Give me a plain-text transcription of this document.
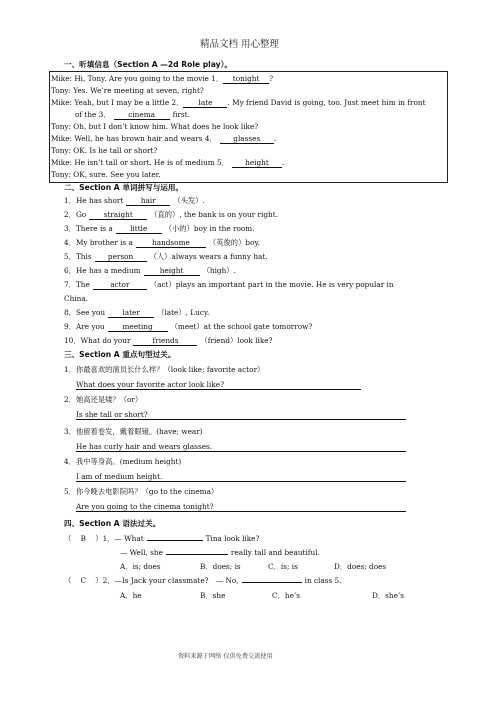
精品文档 用心整理
一、听填信息（Section A —2d Role play）。
Mike: Hi, Tony. Are you going to the movie 1． tonight ?
Tony: Yes. We’re meeting at seven, right?
Mike: Yeah, but I may be a little 2． late . My friend David is going, too. Just meet him in front
of the 3． cinema first.
Tony: Oh, but I don’t know him. What does he look like?
Mike: Well, he has brown hair and wears 4． glasses .
Tony: OK. Is he tall or short?
Mike: He isn’t tall or short. He is of medium 5． height .
Tony: OK, sure. See you later.
二、Section A 单词拼写与运用。
1．He has short hair （头发）.
2．Go straight （直的）, the bank is on your right.
3．There is a little （小的）boy in the room.
4．My brother is a	handsome	（英俊的）boy.
5．This person （人）always wears a funny hat.
6．He has a medium	height	（high）.
7．The	actor	（act）plays an important part in the movie. He is very popular in
China.
8．See you later （late）, Lucy.
9．Are you meeting （meet）at the school gate tomorrow?
10．What do your	friends	（friend）look like?
三、Section A 重点句型过关。
1．你最喜欢的演员长什么样？（look like; favorite actor）
What does your favorite actor look like?
2．她高还是矮？（or）
Is she tall or short?
3．他留着卷发，戴着眼镜。(have; wear)
He has curly hair and wears glasses.
4．我中等身高。(medium height)
I am of medium height.
5．你今晚去电影院吗？（go to the cinema）
Are you going to the cinema tonight?
四、Section A 语法过关。
（ B ）1．— What	Tina look like?
— Well, she	really tall and beautiful.
A．is; does	B．does; is	C．is; is	D．does; does
（ C ）2．—Is Jack your classmate?　— No,	in class 5.
A．he	B．she	C．he’s	D．she’s
资料来源于网络 仅供免费交流使用
